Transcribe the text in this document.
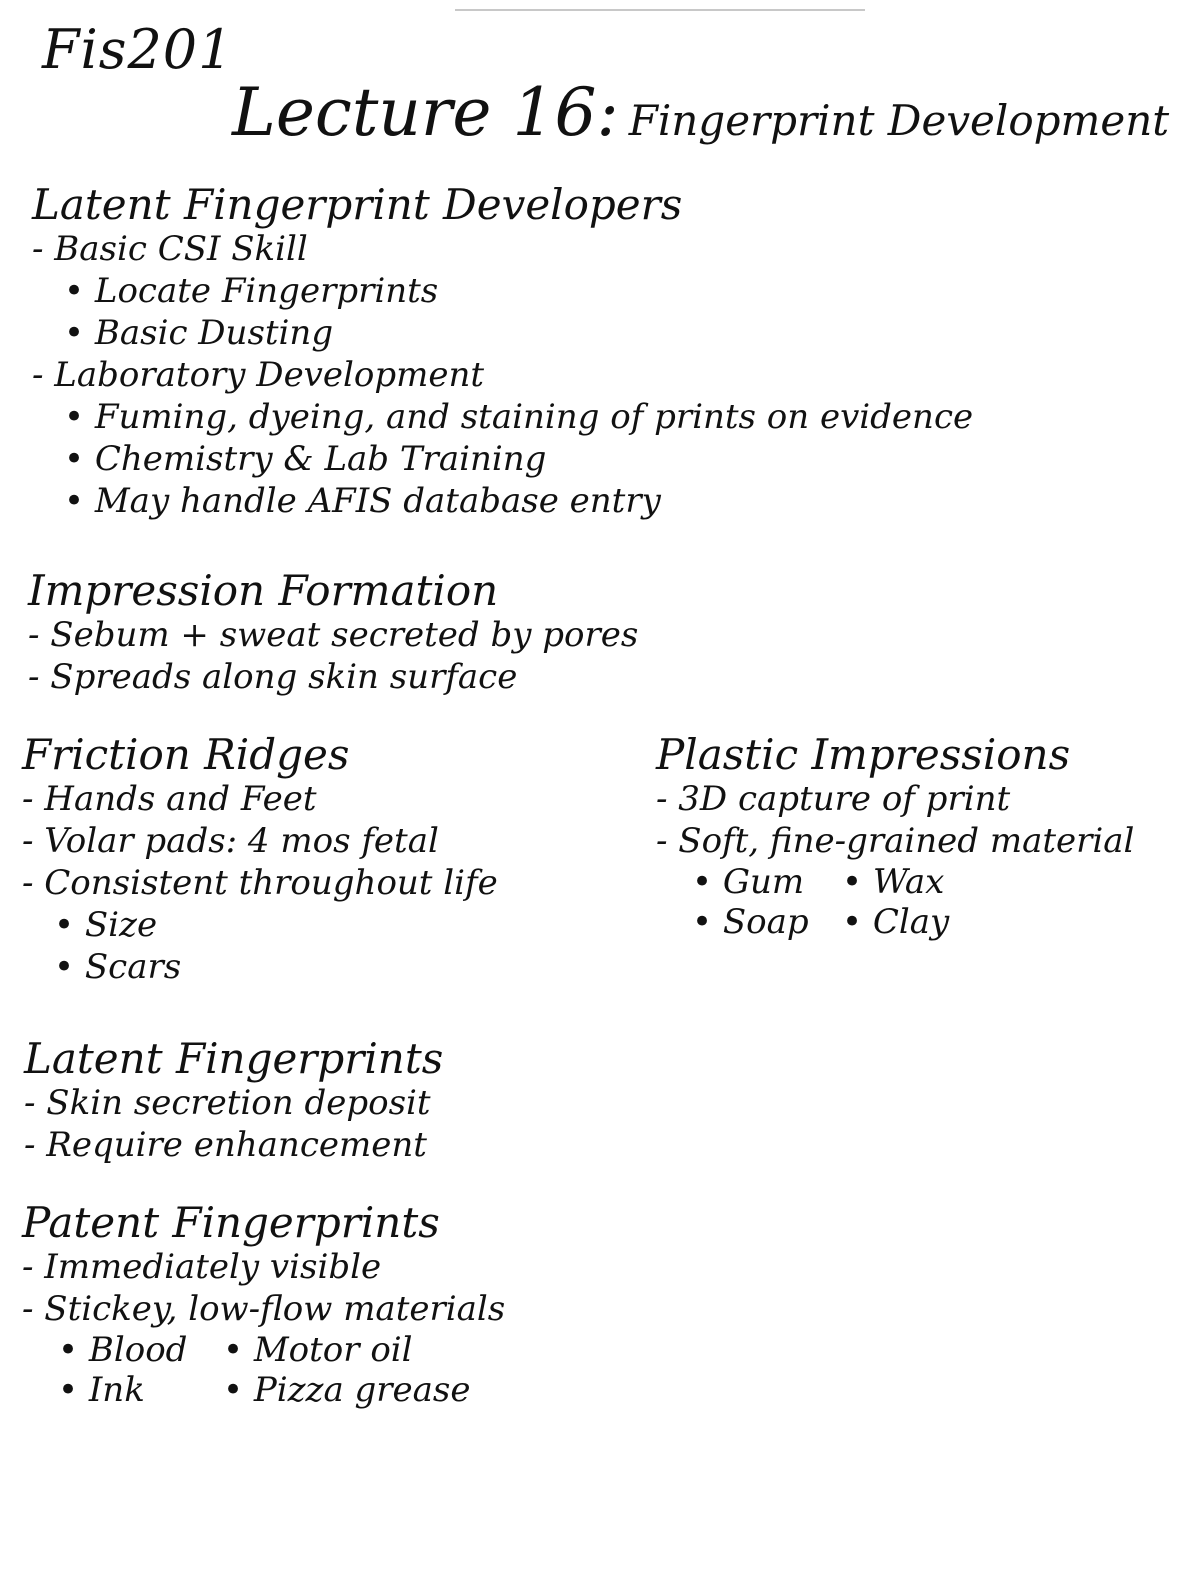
Fis201
Lecture 16: Fingerprint Development
Latent Fingerprint Developers
- Basic CSI Skill
• Locate Fingerprints
• Basic Dusting
- Laboratory Development
• Fuming, dyeing, and staining of prints on evidence
• Chemistry & Lab Training
• May handle AFIS database entry
Impression Formation
- Sebum + sweat secreted by pores
- Spreads along skin surface
Friction Ridges
- Hands and Feet
- Volar pads: 4 mos fetal
- Consistent throughout life
• Size
• Scars
Plastic Impressions
- 3D capture of print
- Soft, fine-grained material
• Gum	• Wax
• Soap • Clay
Latent Fingerprints
- Skin secretion deposit
- Require enhancement
Patent Fingerprints
- Immediately visible
- Stickey, low-flow materials
• Blood	• Motor oil
• Ink	• Pizza grease
